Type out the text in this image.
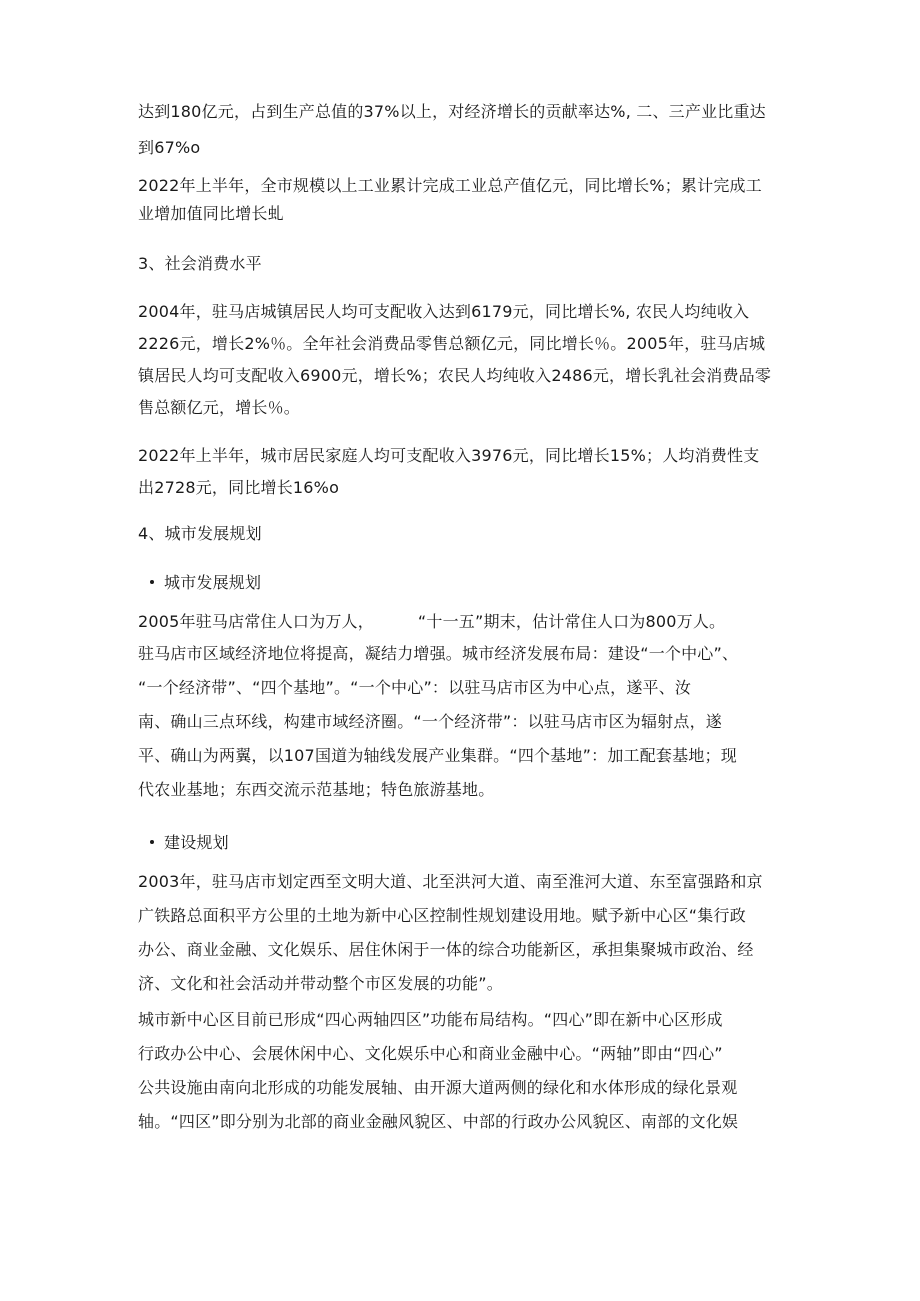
达到180亿元，占到生产总值的37%以上，对经济增长的贡献率达%, 二、三产业比重达
到67%o
2022年上半年，全市规模以上工业累计完成工业总产值亿元，同比增长%；累计完成工
业增加值同比增长虬
3、社会消费水平
2004年，驻马店城镇居民人均可支配收入达到6179元，同比增长%, 农民人均纯收入
2226元，增长2%％。全年社会消费品零售总额亿元，同比增长％。2005年，驻马店城
镇居民人均可支配收入6900元，增长%；农民人均纯收入2486元，增长乳社会消费品零
售总额亿元，增长％。
2022年上半年，城市居民家庭人均可支配收入3976元，同比增长15%；人均消费性支
出2728元，同比增长16%o
4、城市发展规划
城市发展规划
2005年驻马店常住人口为万人，	“十一五”期末，估计常住人口为800万人。
驻马店市区域经济地位将提高，凝结力增强。城市经济发展布局：建设“一个中心”、
“一个经济带”、“四个基地”。“一个中心”：以驻马店市区为中心点，遂平、汝
南、确山三点环线，构建市域经济圈。“一个经济带”：以驻马店市区为辐射点，遂
平、确山为两翼，以107国道为轴线发展产业集群。“四个基地”：加工配套基地；现
代农业基地；东西交流示范基地；特色旅游基地。
建设规划
2003年，驻马店市划定西至文明大道、北至洪河大道、南至淮河大道、东至富强路和京
广铁路总面积平方公里的土地为新中心区控制性规划建设用地。赋予新中心区“集行政
办公、商业金融、文化娱乐、居住休闲于一体的综合功能新区，承担集聚城市政治、经
济、文化和社会活动并带动整个市区发展的功能”。
城市新中心区目前已形成“四心两轴四区”功能布局结构。“四心”即在新中心区形成
行政办公中心、会展休闲中心、文化娱乐中心和商业金融中心。“两轴”即由“四心”
公共设施由南向北形成的功能发展轴、由开源大道两侧的绿化和水体形成的绿化景观
轴。“四区”即分别为北部的商业金融风貌区、中部的行政办公风貌区、南部的文化娱
